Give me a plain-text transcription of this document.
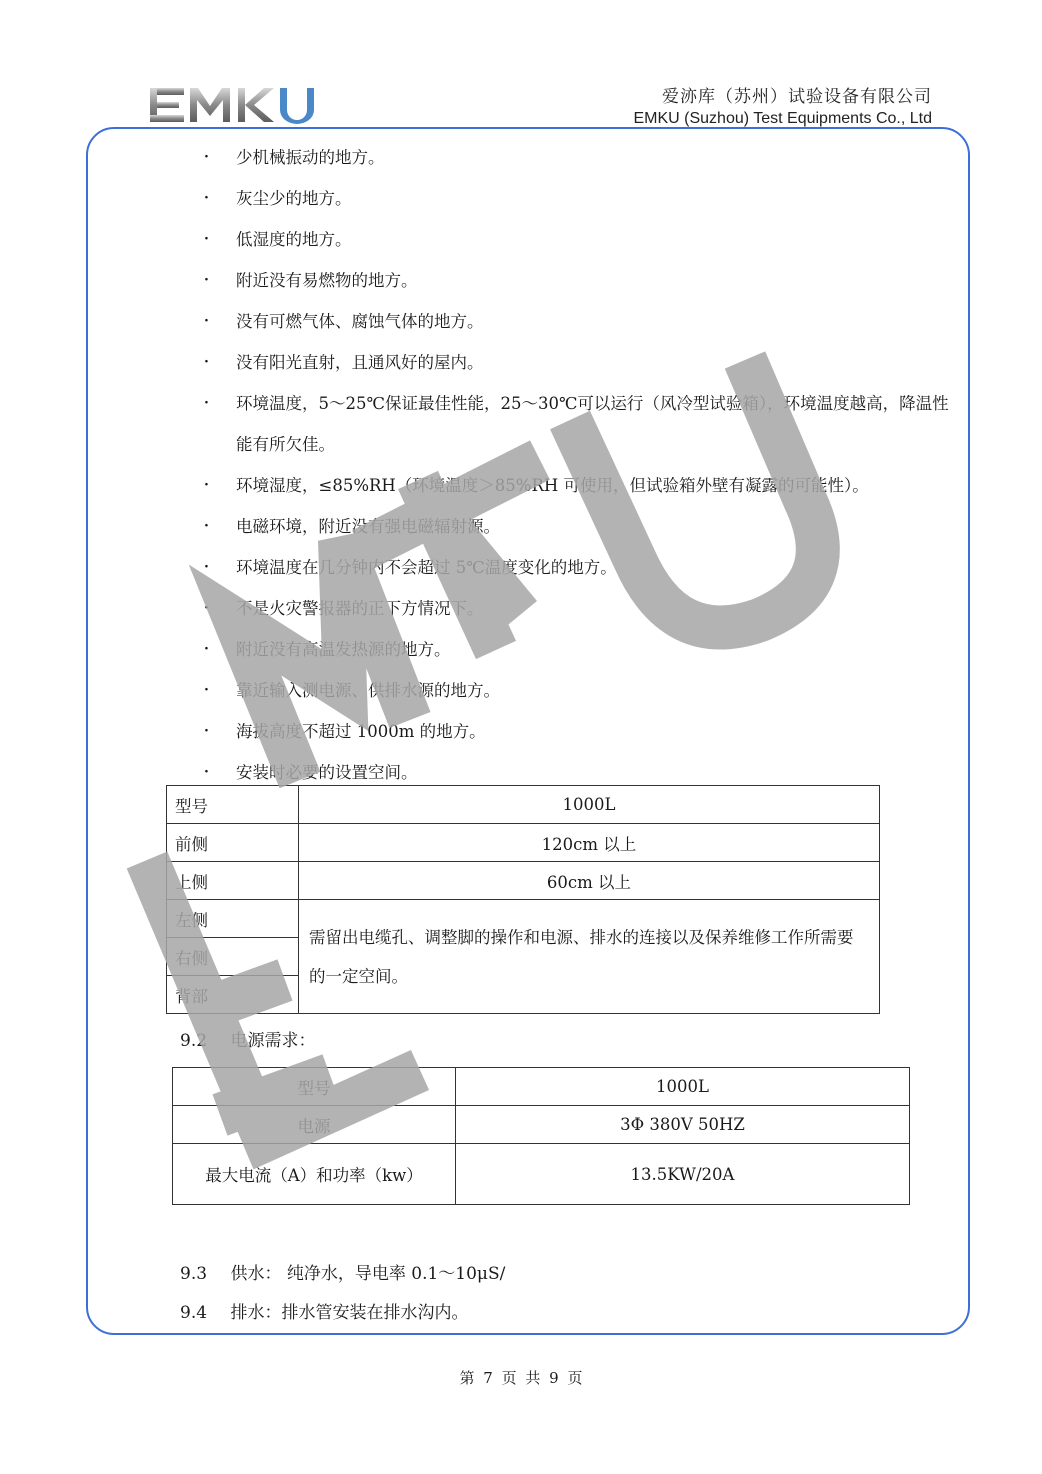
爱洂库（苏州）试验设备有限公司
EMKU (Suzhou) Test Equipments Co., Ltd
· 少机械振动的地方。
· 灰尘少的地方。
· 低湿度的地方。
· 附近没有易燃物的地方。
· 没有可燃气体、腐蚀气体的地方。
· 没有阳光直射，且通风好的屋内。
· 环境温度，5～25℃保证最佳性能，25～30℃可以运行（风冷型试验箱），环境温度越高，降温性能有所欠佳。
· 环境湿度，≤85%RH（环境温度＞85%RH 可使用，但试验箱外壁有凝露的可能性）。
· 电磁环境，附近没有强电磁辐射源。
· 环境温度在几分钟内不会超过 5℃温度变化的地方。
· 不是火灾警报器的正下方情况下。
· 附近没有高温发热源的地方。
· 靠近输入测电源、供排水源的地方。
· 海拔高度不超过 1000m 的地方。
· 安装时必要的设置空间。
型号	1000L
前侧	120cm 以上
上侧	60cm 以上
左侧	需留出电缆孔、调整脚的操作和电源、排水的连接以及保养维修工作所需要的一定空间。
右侧	
背部	
9.2 电源需求：
型号	1000L
电源	3Φ 380V 50HZ
最大电流（A）和功率（kw）	13.5KW/20A
9.3 供水： 纯净水，导电率 0.1～10μS/
9.4 排水：排水管安装在排水沟内。
第 7 页 共 9 页
